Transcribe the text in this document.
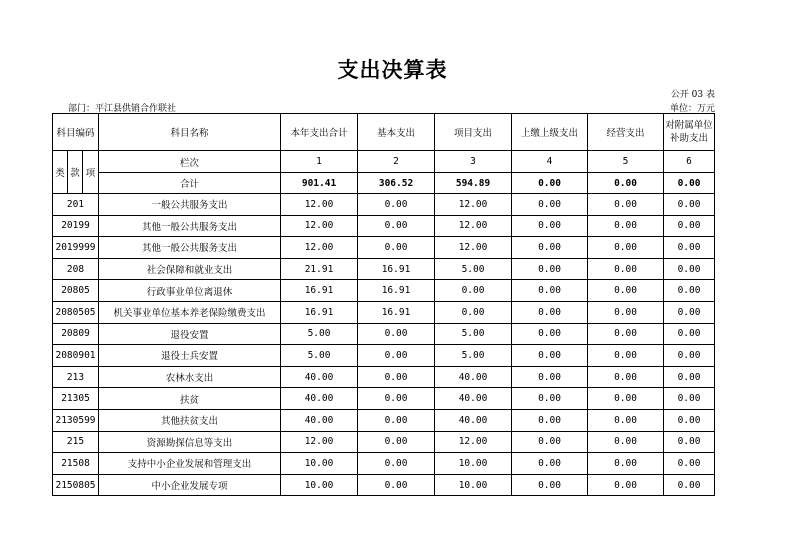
支出决算表
公开 03 表
部门：平江县供销合作联社	单位：万元
科目编码			科目名称	本年支出合计	基本支出	项目支出	上缴上级支出	经营支出	对附属单位补助支出
类	款	项	栏次	1	2	3	4	5	6
			合计	901.41	306.52	594.89	0.00	0.00	0.00
201			一般公共服务支出	12.00	0.00	12.00	0.00	0.00	0.00
20199			其他一般公共服务支出	12.00	0.00	12.00	0.00	0.00	0.00
2019999			其他一般公共服务支出	12.00	0.00	12.00	0.00	0.00	0.00
208			社会保障和就业支出	21.91	16.91	5.00	0.00	0.00	0.00
20805			行政事业单位离退休	16.91	16.91	0.00	0.00	0.00	0.00
2080505			机关事业单位基本养老保险缴费支出	16.91	16.91	0.00	0.00	0.00	0.00
20809			退役安置	5.00	0.00	5.00	0.00	0.00	0.00
2080901			退役士兵安置	5.00	0.00	5.00	0.00	0.00	0.00
213			农林水支出	40.00	0.00	40.00	0.00	0.00	0.00
21305			扶贫	40.00	0.00	40.00	0.00	0.00	0.00
2130599			其他扶贫支出	40.00	0.00	40.00	0.00	0.00	0.00
215			资源勘探信息等支出	12.00	0.00	12.00	0.00	0.00	0.00
21508			支持中小企业发展和管理支出	10.00	0.00	10.00	0.00	0.00	0.00
2150805			中小企业发展专项	10.00	0.00	10.00	0.00	0.00	0.00
